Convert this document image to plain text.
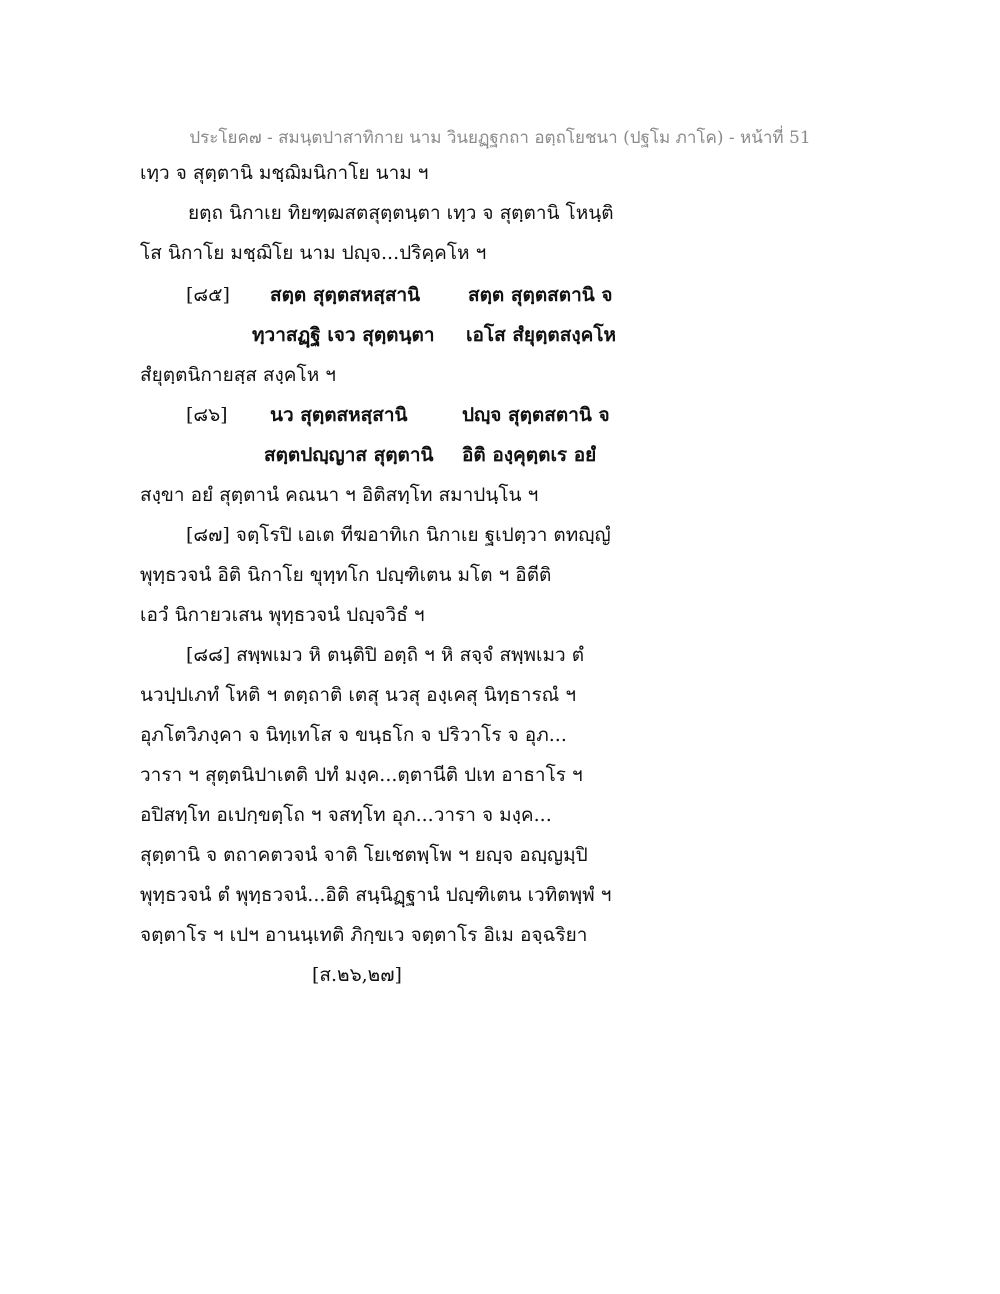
ประโยค๗ - สมนฺตปาสาทิกาย นาม วินยฏฺฐกถา อตฺถโยชนา (ปฐโม ภาโค) - หน้าที่ 51
เทฺว จ สุตฺตานิ มชฺฌิมนิกาโย นาม ฯ
ยตฺถ นิกาเย ทิยฑฺฒสตสุตฺตนฺตา เทฺว จ สุตฺตานิ โหนฺติ
โส นิกาโย มชฺฌิโย นาม ปญฺจ...ปริคฺคโห ฯ
[๘๕] สตฺต สุตฺตสหสฺสานิ	สตฺต สุตฺตสตานิ จ
ทฺวาสฏฺฐิ เจว สุตฺตนฺตา เอโส สํยุตฺตสงฺคโห
สํยุตฺตนิกายสฺส สงฺคโห ฯ
[๘๖] นว สุตฺตสหสฺสานิ	ปญฺจ สุตฺตสตานิ จ
สตฺตปญฺญาส สุตฺตานิ อิติ องฺคุตฺตเร อยํ
สงฺขา อยํ สุตฺตานํ คณนา ฯ อิติสทฺโท สมาปนฺโน ฯ
[๘๗] จตฺโรปิ เอเต ทีฆอาทิเก นิกาเย ฐเปตฺวา ตทญฺญํ
พุทฺธวจนํ อิติ นิกาโย ขุทฺทโก ปญฺฑิเตน มโต ฯ อิตีติ
เอวํ นิกายวเสน พุทฺธวจนํ ปญฺจวิธํ ฯ
[๘๘] สพฺพเมว หิ ตนฺติปิ อตฺถิ ฯ หิ สจฺจํ สพฺพเมว ตํ
นวปฺปเภทํ โหติ ฯ ตตฺถาติ เตสุ นวสุ องฺเคสุ นิทฺธารณํ ฯ
อุภโตวิภงฺคา จ นิทฺเทโส จ ขนฺธโก จ ปริวาโร จ อุภ...
วารา ฯ สุตฺตนิปาเตติ ปทํ มงฺค...ตฺตานีติ ปเท อาธาโร ฯ
อปิสทฺโท อเปกฺขตฺโถ ฯ จสทฺโท อุภ...วารา จ มงฺค...
สุตฺตานิ จ ตถาคตวจนํ จาติ โยเชตพฺโพ ฯ ยญฺจ อญฺญมฺปิ
พุทฺธวจนํ ตํ พุทฺธวจนํ...อิติ สนฺนิฏฺฐานํ ปญฺฑิเตน เวทิตพฺพํ ฯ
จตฺตาโร ฯ เปฯ อานนฺเทติ ภิกฺขเว จตฺตาโร อิเม อจฺฉริยา
[ส.๒๖,๒๗]
